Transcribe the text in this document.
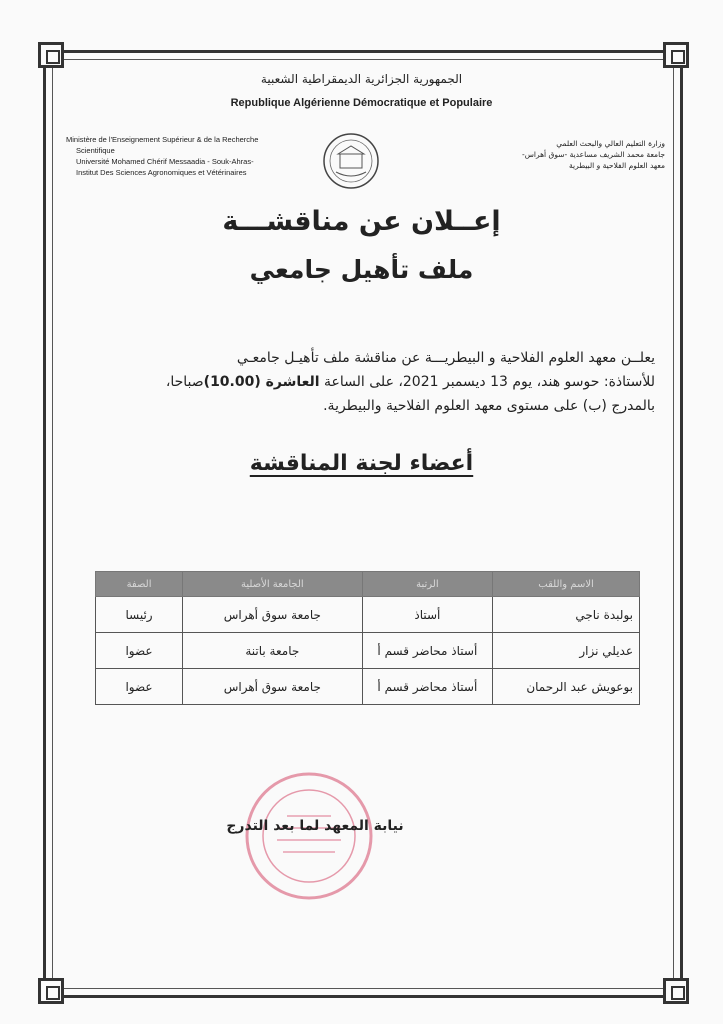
الجمهورية الجزائرية الديمقراطية الشعبية
Republique Algérienne Démocratique et Populaire
Ministère de l'Enseignement Supérieur & de la Recherche
Scientifique
Université Mohamed Chérif Messaadia - Souk-Ahras-
Institut Des Sciences Agronomiques et Vétérinaires
وزارة التعليم العالي والبحث العلمي
جامعة محمد الشريف مساعدية -سوق أهراس-
معهد العلوم الفلاحية و البيطرية
إعــلان عن مناقشـــة
ملف تأهيل جامعي
يعلــن معهد العلوم الفلاحية و البيطريـــة عن مناقشة ملف تأهيـل جامعـي
للأستاذة: حوسو هند، يوم 13 ديسمبر 2021، على الساعة العاشرة (10.00)صباحا،
بالمدرج (ب) على مستوى معهد العلوم الفلاحية والبيطرية.
أعضاء لجنة المناقشة
الاسم واللقب	الرتبة	الجامعة الأصلية	الصفة
بولبدة ناجي	أستاذ	جامعة سوق أهراس	رئيسا
عديلي نزار	أستاذ محاضر قسم أ	جامعة باتنة	عضوا
بوعويش عبد الرحمان	أستاذ محاضر قسم أ	جامعة سوق أهراس	عضوا
نيابة المعهد لما بعد التدرج
